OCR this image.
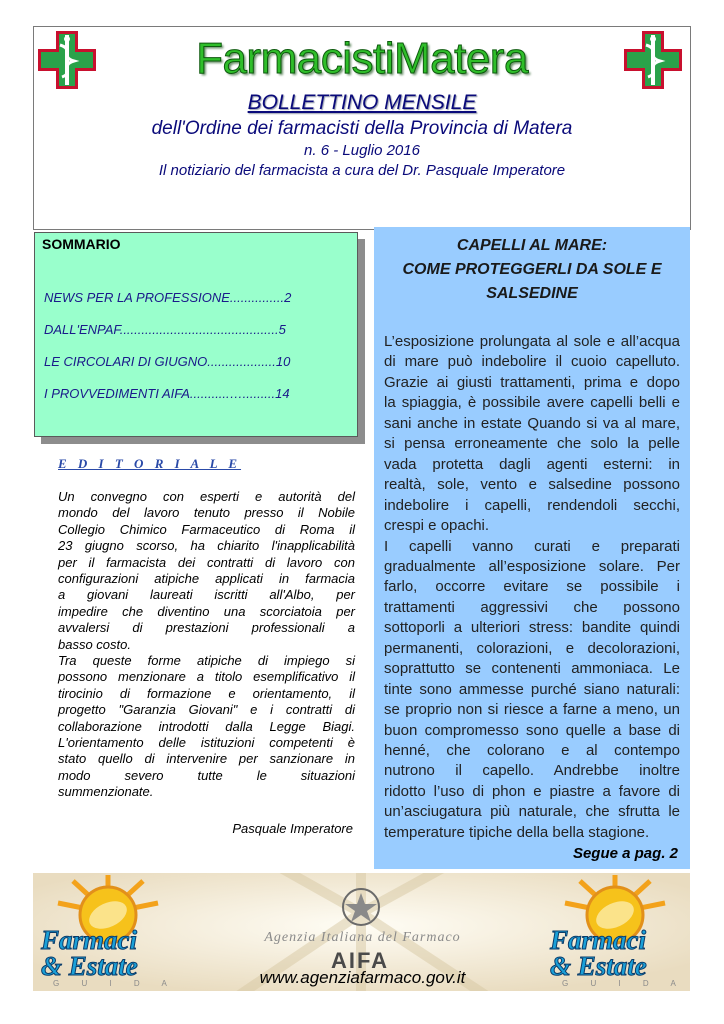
FarmacistiMatera
BOLLETTINO MENSILE
dell'Ordine dei farmacisti della Provincia di Matera
n. 6 - Luglio 2016
Il notiziario del farmacista a cura del Dr. Pasquale Imperatore
SOMMARIO
NEWS PER LA PROFESSIONE...............2
DALL'ENPAF............................................5
LE CIRCOLARI DI GIUGNO...................10
I PROVVEDIMENTI AIFA...........….........14
E D I T O R I A L E
Un convegno con esperti e autorità del
mondo del lavoro tenuto presso il Nobile
Collegio Chimico Farmaceutico di Roma il
23 giugno scorso, ha chiarito l'inapplicabilità
per il farmacista dei contratti di lavoro con
configurazioni atipiche applicati in farmacia
a giovani laureati iscritti all'Albo, per
impedire che diventino una scorciatoia per
avvalersi di prestazioni professionali a
basso costo.
Tra queste forme atipiche di impiego si
possono menzionare a titolo esemplificativo il
tirocinio di formazione e orientamento, il
progetto "Garanzia Giovani" e i contratti di
collaborazione introdotti dalla Legge Biagi.
L'orientamento delle istituzioni competenti è
stato quello di intervenire per sanzionare in
modo severo tutte le situazioni
summenzionate.
Pasquale Imperatore
CAPELLI AL MARE:
COME PROTEGGERLI DA SOLE E
SALSEDINE
L’esposizione prolungata al sole e all’acqua
di mare può indebolire il cuoio capelluto.
Grazie ai giusti trattamenti, prima e dopo
la spiaggia, è possibile avere capelli belli e
sani anche in estate Quando si va al mare,
si pensa erroneamente che solo la pelle
vada protetta dagli agenti esterni: in
realtà, sole, vento e salsedine possono
indebolire i capelli, rendendoli secchi,
crespi e opachi.
I capelli vanno curati e preparati
gradualmente all’esposizione solare. Per
farlo, occorre evitare se possibile i
trattamenti aggressivi che possono
sottoporli a ulteriori stress: bandite quindi
permanenti, colorazioni, e decolorazioni,
soprattutto se contenenti ammoniaca. Le
tinte sono ammesse purché siano naturali:
se proprio non si riesce a farne a meno, un
buon compromesso sono quelle a base di
henné, che colorano e al contempo
nutrono il capello. Andrebbe inoltre
ridotto l’uso di phon e piastre a favore di
un’asciugatura più naturale, che sfrutta le
temperature tipiche della bella stagione.
Segue a pag. 2
Agenzia Italiana del Farmaco
AIFA
www.agenziafarmaco.gov.it
Farmaci
& Estate
G U I D A
Farmaci
& Estate
G U I D A
